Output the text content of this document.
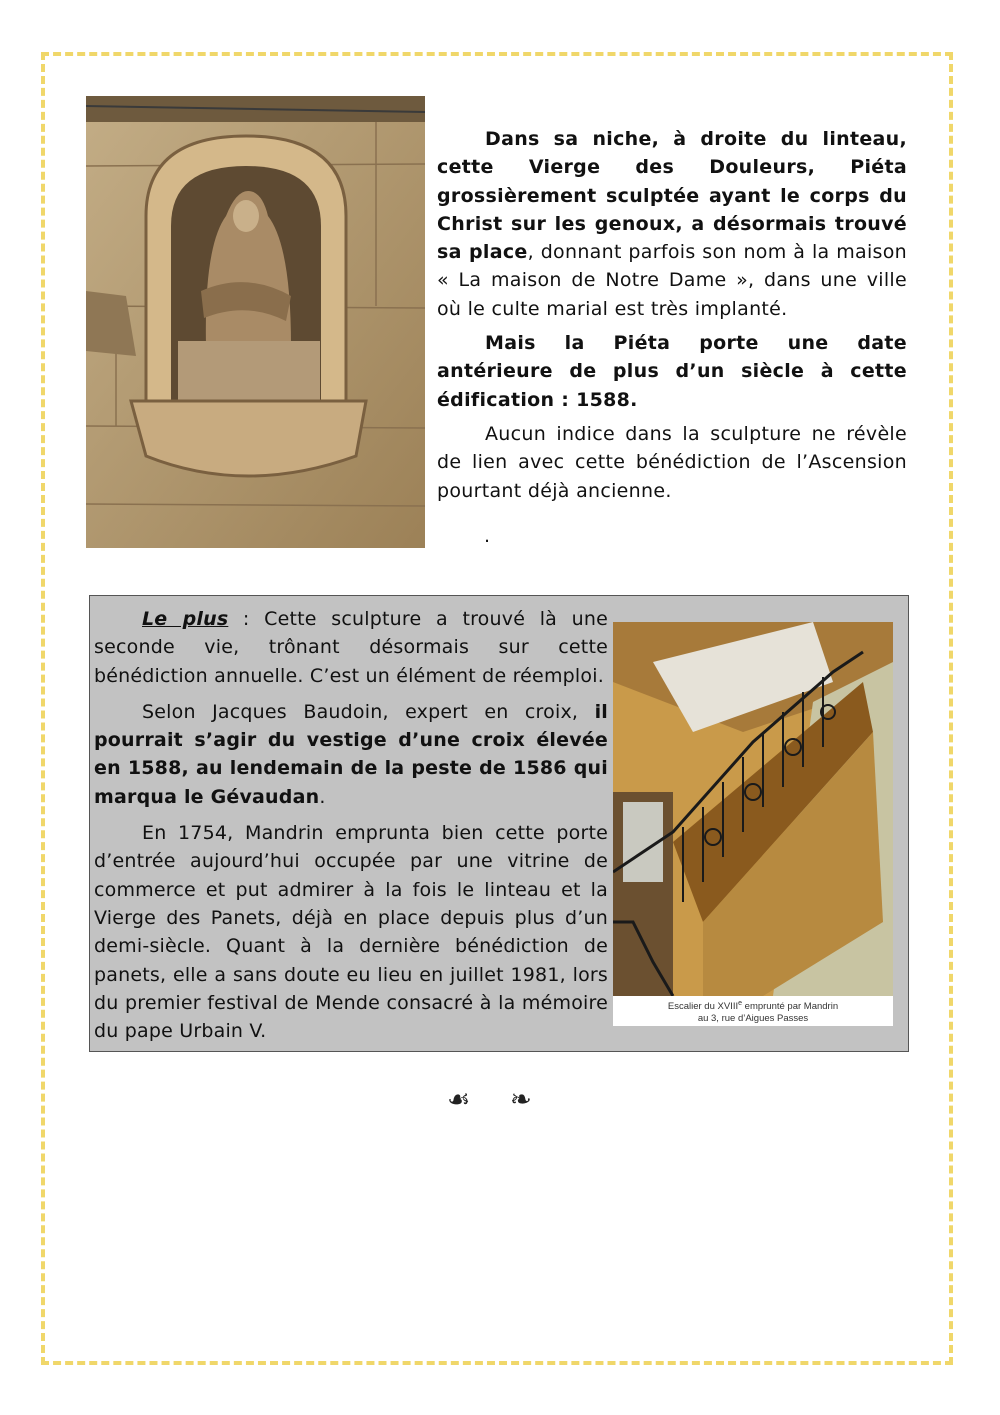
Dans sa niche, à droite du linteau, cette Vierge des Douleurs, Piéta grossièrement sculptée ayant le corps du Christ sur les genoux, a désormais trouvé sa place, donnant parfois son nom à la maison « La maison de Notre Dame », dans une ville où le culte marial est très implanté.

Mais la Piéta porte une date antérieure de plus d’un siècle à cette édification : 1588.

Aucun indice dans la sculpture ne révèle de lien avec cette bénédiction de l’Ascension pourtant déjà ancienne.

.

Le plus : Cette sculpture a trouvé là une seconde vie, trônant désormais sur cette bénédiction annuelle. C’est un élément de réemploi.

Selon Jacques Baudoin, expert en croix, il pourrait s’agir du vestige d’une croix élevée en 1588, au lendemain de la peste de 1586 qui marqua le Gévaudan.

En 1754, Mandrin emprunta bien cette porte d’entrée aujourd’hui occupée par une vitrine de commerce et put admirer à la fois le linteau et la Vierge des Panets, déjà en place depuis plus d’un demi-siècle. Quant à la dernière bénédiction de panets, elle a sans doute eu lieu en juillet 1981, lors du premier festival de Mende consacré à la mémoire du pape Urbain V.

Escalier du XVIIIe emprunté par Mandrin
au 3, rue d’Aigues Passes
☙ ❧
